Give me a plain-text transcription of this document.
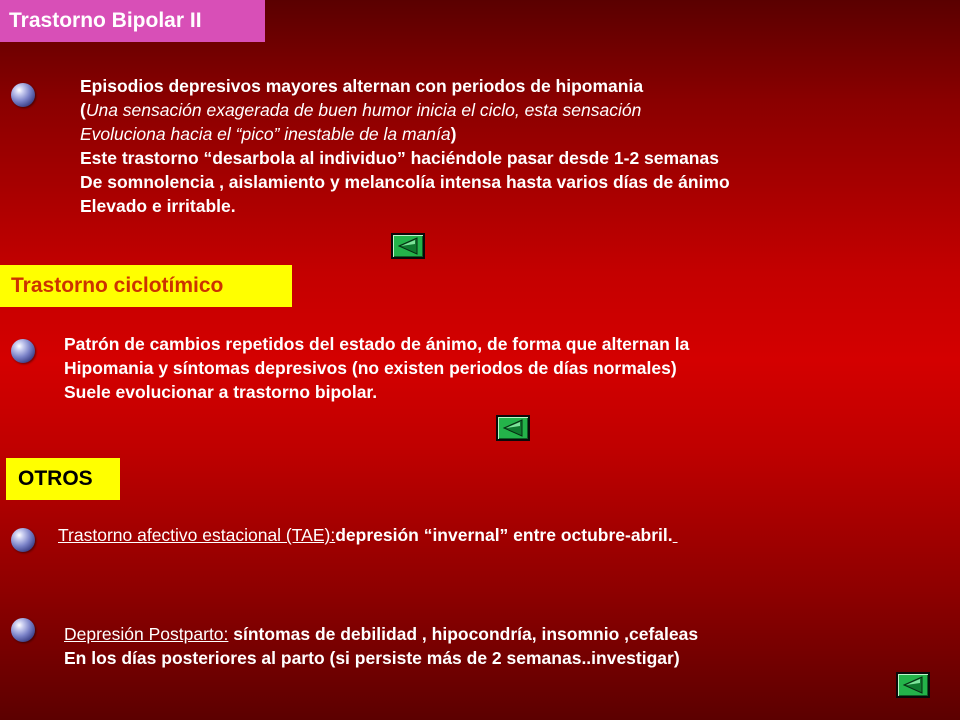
Trastorno Bipolar II
Episodios depresivos mayores alternan con periodos de hipomania
(Una sensación exagerada de buen humor inicia el ciclo, esta sensación
Evoluciona hacia el “pico” inestable de la manía)
Este trastorno “desarbola al individuo” haciéndole pasar desde 1-2 semanas
De somnolencia , aislamiento y melancolía intensa hasta varios días de ánimo
Elevado e irritable.
Trastorno ciclotímico
Patrón de cambios repetidos del estado de ánimo, de forma que alternan la
Hipomania y síntomas depresivos (no existen periodos de días normales)
Suele evolucionar a trastorno bipolar.
OTROS
Trastorno afectivo estacional (TAE):depresión “invernal” entre octubre-abril.
Depresión Postparto: síntomas de debilidad , hipocondría, insomnio ,cefaleas
En los días posteriores al parto (si persiste más de 2 semanas..investigar)
